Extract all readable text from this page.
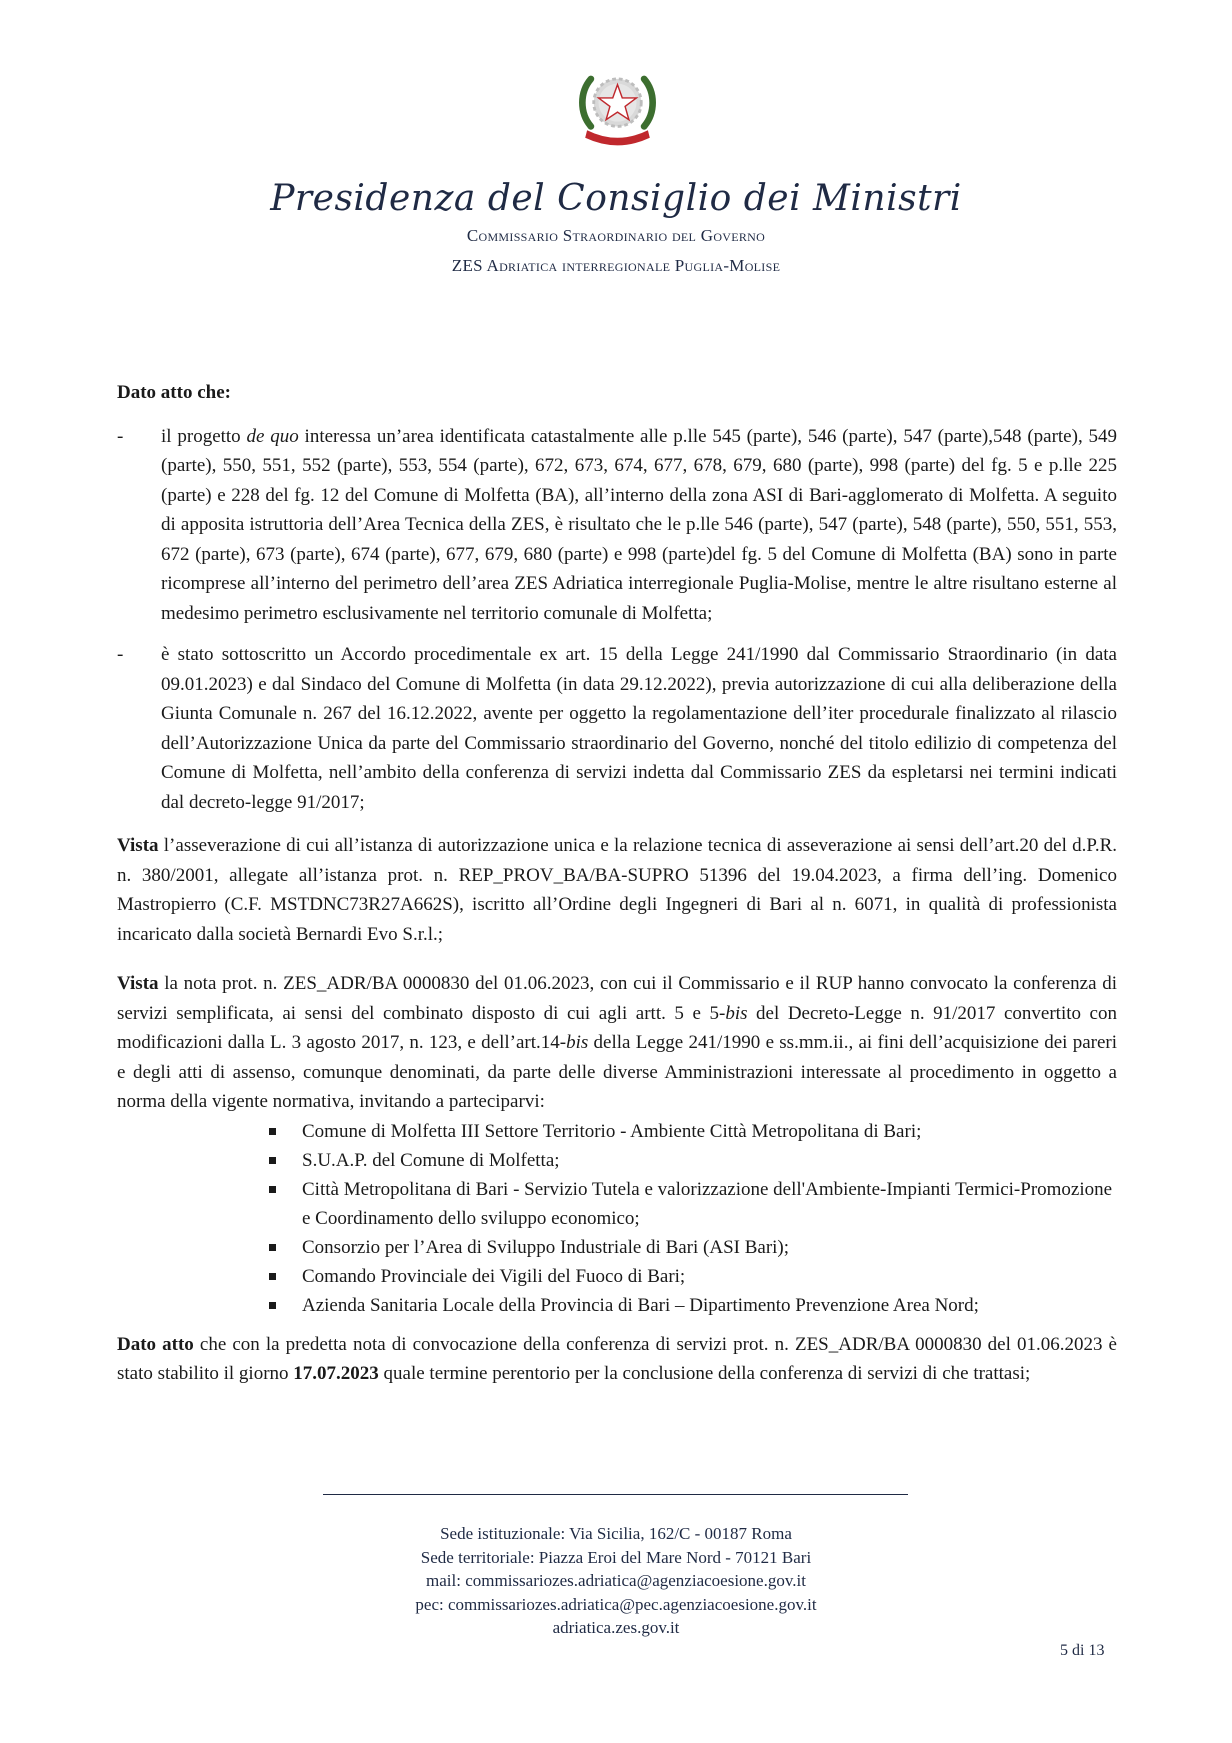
Presidenza del Consiglio dei Ministri
Commissario Straordinario del Governo
ZES Adriatica interregionale Puglia-Molise
Dato atto che:
- il progetto de quo interessa un’area identificata catastalmente alle p.lle 545 (parte), 546 (parte), 547 (parte),548 (parte), 549 (parte), 550, 551, 552 (parte), 553, 554 (parte), 672, 673, 674, 677, 678, 679, 680 (parte), 998 (parte) del fg. 5 e p.lle 225 (parte) e 228 del fg. 12 del Comune di Molfetta (BA), all’interno della zona ASI di Bari-agglomerato di Molfetta. A seguito di apposita istruttoria dell’Area Tecnica della ZES, è risultato che le p.lle 546 (parte), 547 (parte), 548 (parte), 550, 551, 553, 672 (parte), 673 (parte), 674 (parte), 677, 679, 680 (parte) e 998 (parte)del fg. 5 del Comune di Molfetta (BA) sono in parte ricomprese all’interno del perimetro dell’area ZES Adriatica interregionale Puglia-Molise, mentre le altre risultano esterne al medesimo perimetro esclusivamente nel territorio comunale di Molfetta;
- è stato sottoscritto un Accordo procedimentale ex art. 15 della Legge 241/1990 dal Commissario Straordinario (in data 09.01.2023) e dal Sindaco del Comune di Molfetta (in data 29.12.2022), previa autorizzazione di cui alla deliberazione della Giunta Comunale n. 267 del 16.12.2022, avente per oggetto la regolamentazione dell’iter procedurale finalizzato al rilascio dell’Autorizzazione Unica da parte del Commissario straordinario del Governo, nonché del titolo edilizio di competenza del Comune di Molfetta, nell’ambito della conferenza di servizi indetta dal Commissario ZES da espletarsi nei termini indicati dal decreto-legge 91/2017;

Vista l’asseverazione di cui all’istanza di autorizzazione unica e la relazione tecnica di asseverazione ai sensi dell’art.20 del d.P.R. n. 380/2001, allegate all’istanza prot. n. REP_PROV_BA/BA-SUPRO 51396 del 19.04.2023, a firma dell’ing. Domenico Mastropierro (C.F. MSTDNC73R27A662S), iscritto all’Ordine degli Ingegneri di Bari al n. 6071, in qualità di professionista incaricato dalla società Bernardi Evo S.r.l.;

Vista la nota prot. n. ZES_ADR/BA 0000830 del 01.06.2023, con cui il Commissario e il RUP hanno convocato la conferenza di servizi semplificata, ai sensi del combinato disposto di cui agli artt. 5 e 5-bis del Decreto-Legge n. 91/2017 convertito con modificazioni dalla L. 3 agosto 2017, n. 123, e dell’art.14-bis della Legge 241/1990 e ss.mm.ii., ai fini dell’acquisizione dei pareri e degli atti di assenso, comunque denominati, da parte delle diverse Amministrazioni interessate al procedimento in oggetto a norma della vigente normativa, invitando a parteciparvi:

Comune di Molfetta III Settore Territorio - Ambiente Città Metropolitana di Bari;
S.U.A.P. del Comune di Molfetta;
Città Metropolitana di Bari - Servizio Tutela e valorizzazione dell'Ambiente-Impianti Termici-Promozione e Coordinamento dello sviluppo economico;
Consorzio per l’Area di Sviluppo Industriale di Bari (ASI Bari);
Comando Provinciale dei Vigili del Fuoco di Bari;
Azienda Sanitaria Locale della Provincia di Bari – Dipartimento Prevenzione Area Nord;

Dato atto che con la predetta nota di convocazione della conferenza di servizi prot. n. ZES_ADR/BA 0000830 del 01.06.2023 è stato stabilito il giorno 17.07.2023 quale termine perentorio per la conclusione della conferenza di servizi di che trattasi;

Sede istituzionale: Via Sicilia, 162/C - 00187 Roma
Sede territoriale: Piazza Eroi del Mare Nord - 70121 Bari
mail: commissariozes.adriatica@agenziacoesione.gov.it
pec: commissariozes.adriatica@pec.agenziacoesione.gov.it
adriatica.zes.gov.it
5 di 13
